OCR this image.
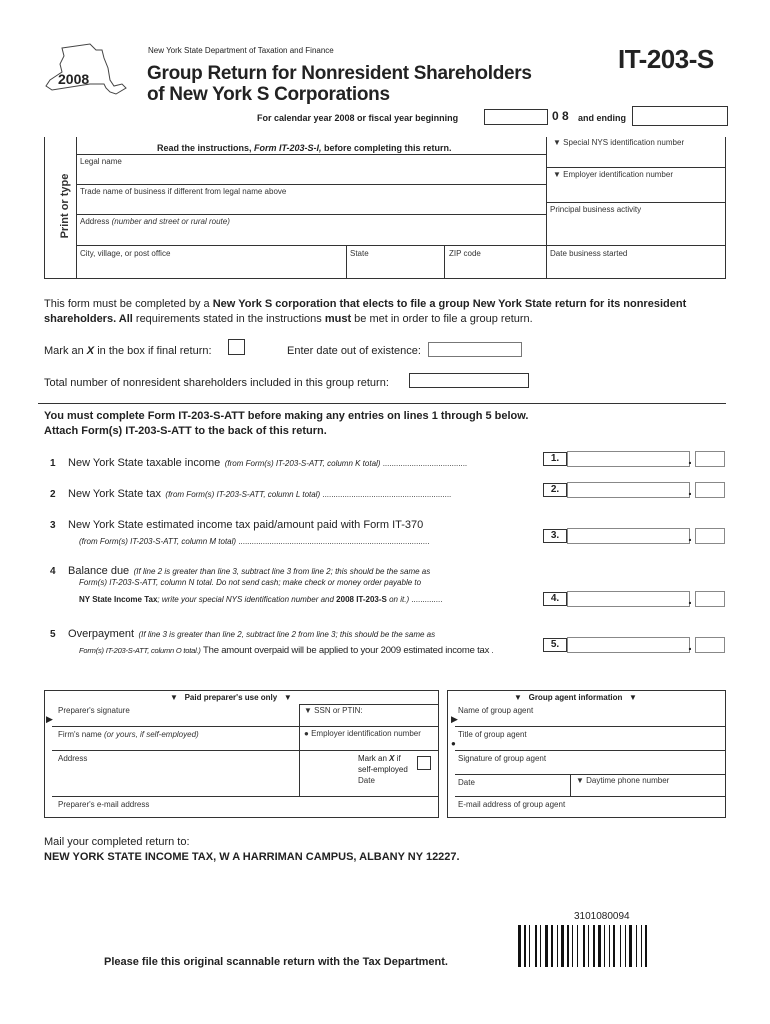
2008
New York State Department of Taxation and Finance
Group Return for Nonresident Shareholders
of New York S Corporations
IT-203-S
For calendar year 2008 or fiscal year beginning	0 8 and ending
Read the instructions, Form IT-203-S-I, before completing this return.
Print or type
Legal name
Trade name of business if different from legal name above
Address (number and street or rural route)
City, village, or post office	State	ZIP code
▼ Special NYS identification number
▼ Employer identification number
Principal business activity
Date business started
This form must be completed by a New York S corporation that elects to file a group New York State return for its nonresident
shareholders. All requirements stated in the instructions must be met in order to file a group return.
Mark an X in the box if final return:	Enter date out of existence:
Total number of nonresident shareholders included in this group return:
You must complete Form IT-203-S-ATT before making any entries on lines 1 through 5 below.
Attach Form(s) IT-203-S-ATT to the back of this return.
1 New York State taxable income (from Form(s) IT-203-S-ATT, column K total) ......................................	1.	.
2 New York State tax (from Form(s) IT-203-S-ATT, column L total) ..........................................................	2.	.
3 New York State estimated income tax paid/amount paid with Form IT-370
(from Form(s) IT-203-S-ATT, column M total) ......................................................................................
3.	.
4 Balance due (If line 2 is greater than line 3, subtract line 3 from line 2; this should be the same as
Form(s) IT-203-S-ATT, column N total. Do not send cash; make check or money order payable to
NY State Income Tax; write your special NYS identification number and 2008 IT-203-S on it.) ..............	4.	.
5 Overpayment (If line 3 is greater than line 2, subtract line 2 from line 3; this should be the same as
Form(s) IT-203-S-ATT, column O total.) The amount overpaid will be applied to your 2009 estimated income tax .
5.	.
▼ Paid preparer's use only ▼
Preparer's signature
▶
▼ SSN or PTIN:
Firm's name (or yours, if self-employed)	● Employer identification number
Address	Mark an X if
self-employed
Date
Preparer's e-mail address
▼ Group agent information ▼
Name of group agent
▶
Title of group agent
●
Signature of group agent
Date	▼ Daytime phone number
E-mail address of group agent
Mail your completed return to:
NEW YORK STATE INCOME TAX, W A HARRIMAN CAMPUS, ALBANY NY 12227.
3101080094
Please file this original scannable return with the Tax Department.
